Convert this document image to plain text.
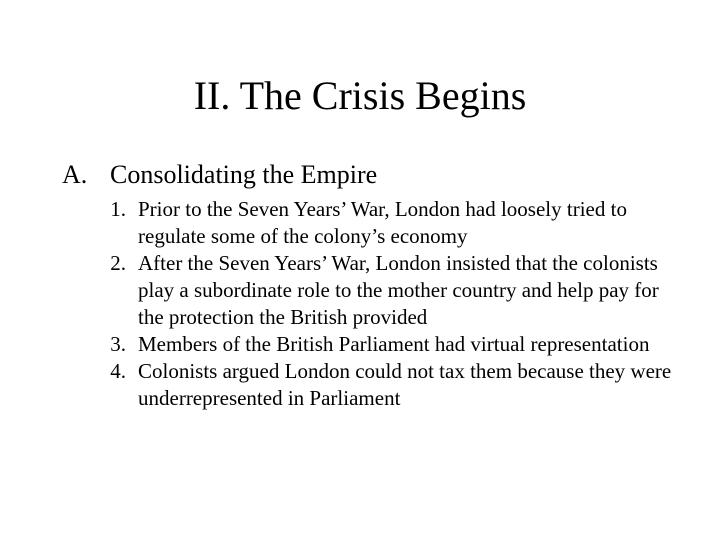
II. The Crisis Begins
A. Consolidating the Empire
1. Prior to the Seven Years’ War, London had loosely tried to regulate some of the colony’s economy
2. After the Seven Years’ War, London insisted that the colonists play a subordinate role to the mother country and help pay for the protection the British provided
3. Members of the British Parliament had virtual representation
4. Colonists argued London could not tax them because they were underrepresented in Parliament
